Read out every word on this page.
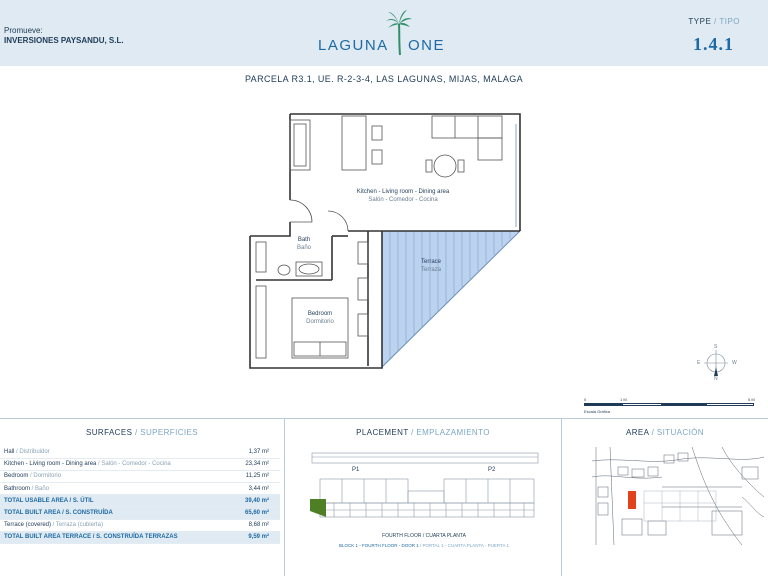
Promueve:
INVERSIONES PAYSANDU, S.L.	LAGUNA ONE
TYPE / TIPO
1.4.1
PARCELA R3.1, UE. R-2-3-4, LAS LAGUNAS, MIJAS, MALAGA
Kitchen - Living room - Dining area
Salón - Comedor - Cocina
Bath
Baño
Terrace
Terraza
Bedroom
Dormitorio
S
E	W
N
0	1 M	5 M
Escala Gráfica
SURFACES / SUPERFICIES
Hall / Distribuidor	1,37 m²
Kitchen - Living room - Dining area / Salón - Comedor - Cocina	23,34 m²
Bedroom / Dormitorio	11,25 m²
Bathroom / Baño	3,44 m²
TOTAL USABLE AREA / S. ÚTIL	39,40 m²
TOTAL BUILT AREA / S. CONSTRUÍDA	65,60 m²
Terrace (covered) / Terraza (cubierta)	8,68 m²
TOTAL BUILT AREA TERRACE / S. CONSTRUÍDA TERRAZAS	9,59 m²
PLACEMENT / EMPLAZAMIENTO
P1	P2
FOURTH FLOOR / CUARTA PLANTA
BLOCK 1 - FOURTH FLOOR - DOOR 1 / PORTAL 1 - CUARTA PLANTA - PUERTA 1
AREA / SITUACIÓN
